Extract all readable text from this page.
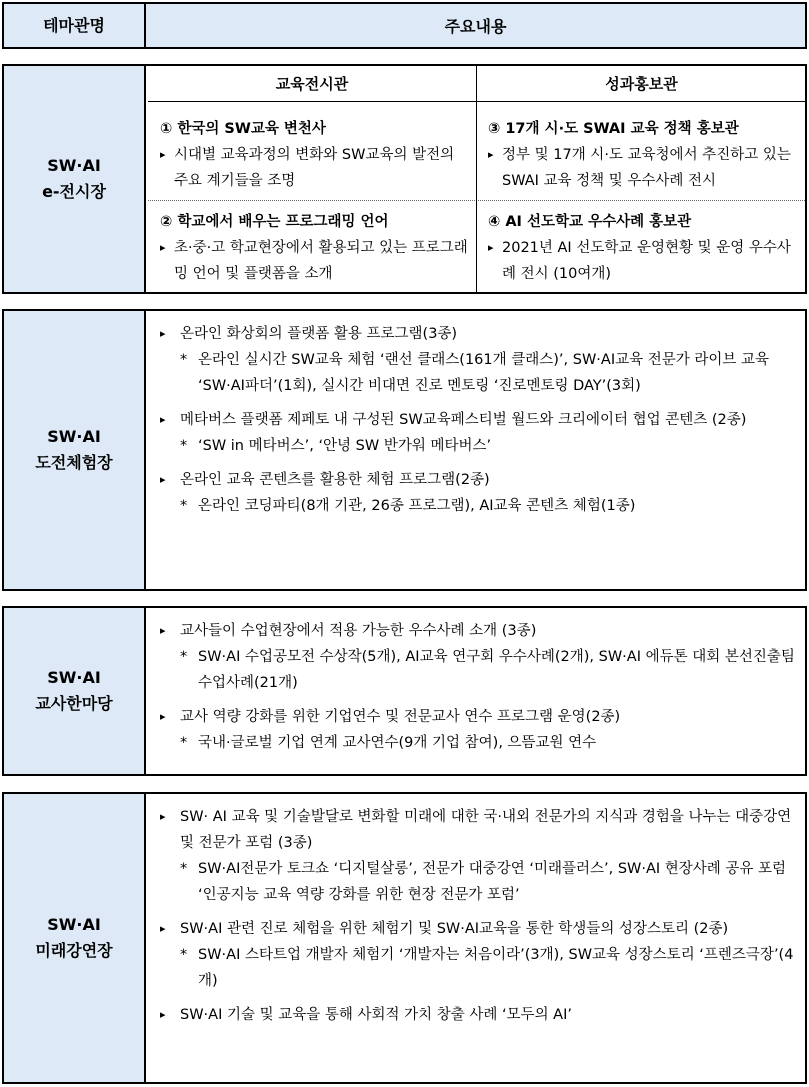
테마관명	주요내용
SW·AI
e-전시장
교육전시관	성과홍보관
① 한국의 SW교육 변천사
▸ 시대별 교육과정의 변화와 SW교육의 발전의 주요 계기들을 조명
③ 17개 시·도 SWAI 교육 정책 홍보관
▸ 정부 및 17개 시·도 교육청에서 추진하고 있는 SWAI 교육 정책 및 우수사례 전시
② 학교에서 배우는 프로그래밍 언어
▸ 초·중·고 학교현장에서 활용되고 있는 프로그래밍 언어 및 플랫폼을 소개
④ AI 선도학교 우수사례 홍보관
▸ 2021년 AI 선도학교 운영현황 및 운영 우수사례 전시 (10여개)
SW·AI
도전체험장
▸ 온라인 화상회의 플랫폼 활용 프로그램(3종)
* 온라인 실시간 SW교육 체험 ‘랜선 클래스(161개 클래스)’, SW·AI교육 전문가 라이브 교육 ‘SW·AI파더’(1회), 실시간 비대면 진로 멘토링 ‘진로멘토링 DAY’(3회)
▸ 메타버스 플랫폼 제페토 내 구성된 SW교육페스티벌 월드와 크리에이터 협업 콘텐츠 (2종)
* ‘SW in 메타버스’, ‘안녕 SW 반가워 메타버스’
▸ 온라인 교육 콘텐츠를 활용한 체험 프로그램(2종)
* 온라인 코딩파티(8개 기관, 26종 프로그램), AI교육 콘텐츠 체험(1종)
SW·AI
교사한마당
▸ 교사들이 수업현장에서 적용 가능한 우수사례 소개 (3종)
* SW·AI 수업공모전 수상작(5개), AI교육 연구회 우수사례(2개), SW·AI 에듀톤 대회 본선진출팀 수업사례(21개)
▸ 교사 역량 강화를 위한 기업연수 및 전문교사 연수 프로그램 운영(2종)
* 국내·글로벌 기업 연계 교사연수(9개 기업 참여), 으뜸교원 연수
SW·AI
미래강연장
▸ SW· AI 교육 및 기술발달로 변화할 미래에 대한 국·내외 전문가의 지식과 경험을 나누는 대중강연 및 전문가 포럼 (3종)
* SW·AI전문가 토크쇼 ‘디지털살롱’, 전문가 대중강연 ‘미래플러스’, SW·AI 현장사례 공유 포럼 ‘인공지능 교육 역량 강화를 위한 현장 전문가 포럼’
▸ SW·AI 관련 진로 체험을 위한 체험기 및 SW·AI교육을 통한 학생들의 성장스토리 (2종)
* SW·AI 스타트업 개발자 체험기 ‘개발자는 처음이라’(3개), SW교육 성장스토리 ‘프렌즈극장’(4개)
▸ SW·AI 기술 및 교육을 통해 사회적 가치 창출 사례 ‘모두의 AI’
